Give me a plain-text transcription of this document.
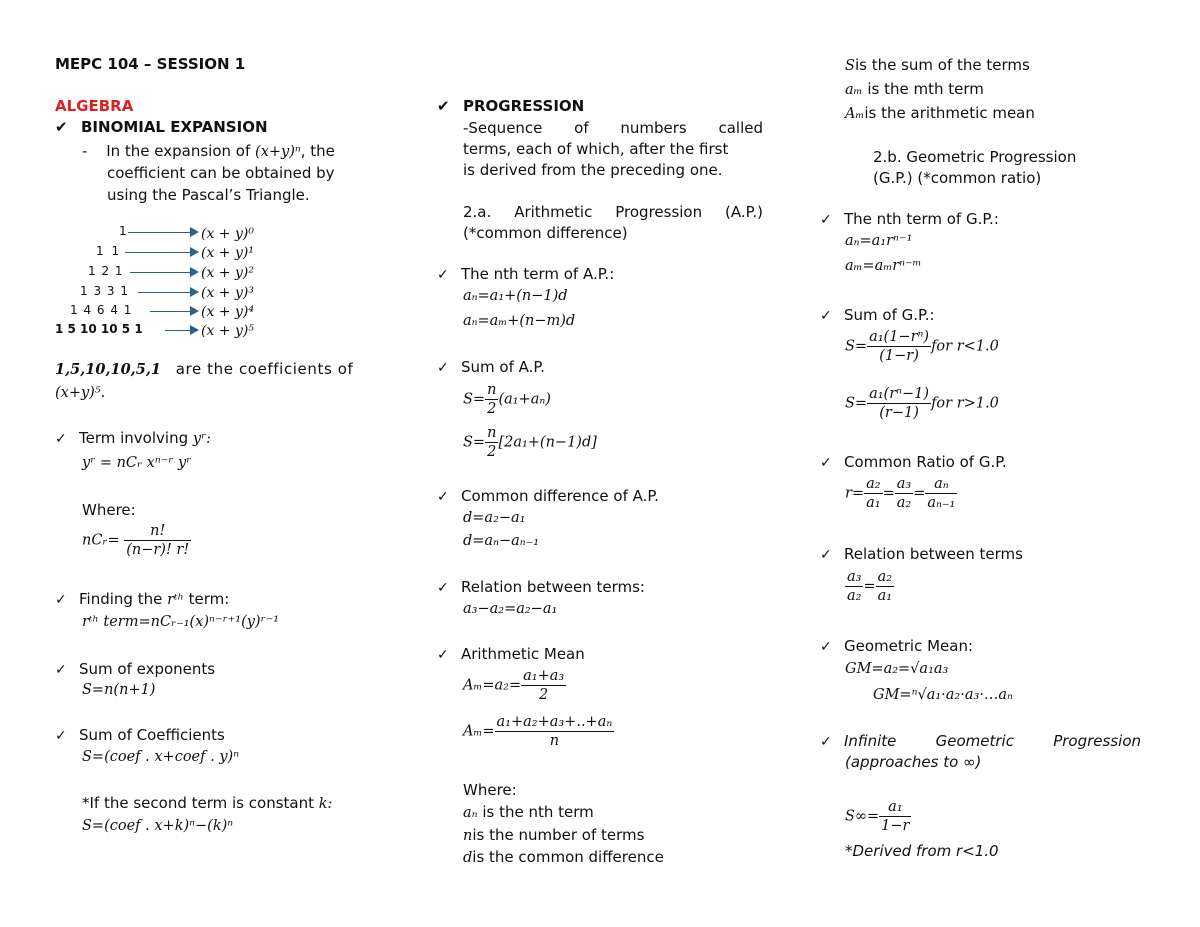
MEPC 104 – SESSION 1
ALGEBRA
✔ BINOMIAL EXPANSION
- In the expansion of (x+y)ⁿ, the
coefficient can be obtained by
using the Pascal’s Triangle.
1
1 1
1 2 1
1 3 3 1
1 4 6 4 1
1 5 10 10 5 1
(x + y)⁰
(x + y)¹
(x + y)²
(x + y)³
(x + y)⁴
(x + y)⁵
1,5,10,10,5,1 are the coefficients of
(x+y)⁵.
✓ Term involving yʳ:
yʳ = nCᵣ xⁿ⁻ʳ yʳ
Where:
nCᵣ= $\frac{n!}{(n-r)! r!}$
✓ Finding the rᵗʰ term:
rᵗʰ term=nCᵣ₋₁(x)ⁿ⁻ʳ⁺¹(y)ʳ⁻¹
✓ Sum of exponents
S=n(n+1)
✓ Sum of Coefficients
S=(coef . x+coef . y)ⁿ
*If the second term is constant k:
S=(coef . x+k)ⁿ−(k)ⁿ
✔ PROGRESSION
-Sequence of numbers called
terms, each of which, after the first
is derived from the preceding one.
2.a. Arithmetic Progression (A.P.)
(*common difference)
✓ The nth term of A.P.:
aₙ=a₁+(n−1)d
aₙ=aₘ+(n−m)d
✓ Sum of A.P.
$S= \frac{n}{2} (a_1+a_n)$
$S= \frac{n}{2} [2a_1+(n-1)d]$
✓ Common difference of A.P.
d=a₂−a₁
d=aₙ−aₙ₋₁
✓ Relation between terms:
a₃−a₂=a₂−a₁
✓ Arithmetic Mean
$A_m=a_2= \frac{\text{a₁+a₃}}{2}$
$A_m= \frac{\text{a₁+a₂+a₃+..+aₙ}}{n}$
Where:
aₙ is the nth term
nis the number of terms
dis the common difference
Sis the sum of the terms
aₘ is the mth term
Aₘis the arithmetic mean
2.b. Geometric Progression
(G.P.) (*common ratio)
✓ The nth term of G.P.:
aₙ=a₁rⁿ⁻¹
aₘ=aₘrⁿ⁻ᵐ
✓ Sum of G.P.:
$S= \frac{\text{a₁(1−rⁿ)}}{(1-r)}$ for r<1.0
$S= \frac{\text{a₁(rⁿ−1)}}{(r-1)}$ for r>1.0
✓ Common Ratio of G.P.
$r= \frac{\text{a₂}}{\text{a₁}} = \frac{\text{a₃}}{\text{a₂}} = \frac{\text{aₙ}}{\text{aₙ₋₁}}$
✓ Relation between terms
$\frac{\text{a₃}}{\text{a₂}} = \frac{\text{a₂}}{\text{a₁}}$
✓ Geometric Mean:
GM=a₂=√a₁a₃
GM=ⁿ√a₁·a₂·a₃·…aₙ
✓ Infinite Geometric Progression
(approaches to ∞)
$S\infty= \frac{\text{a₁}}{1-r}$
*Derived from r<1.0
